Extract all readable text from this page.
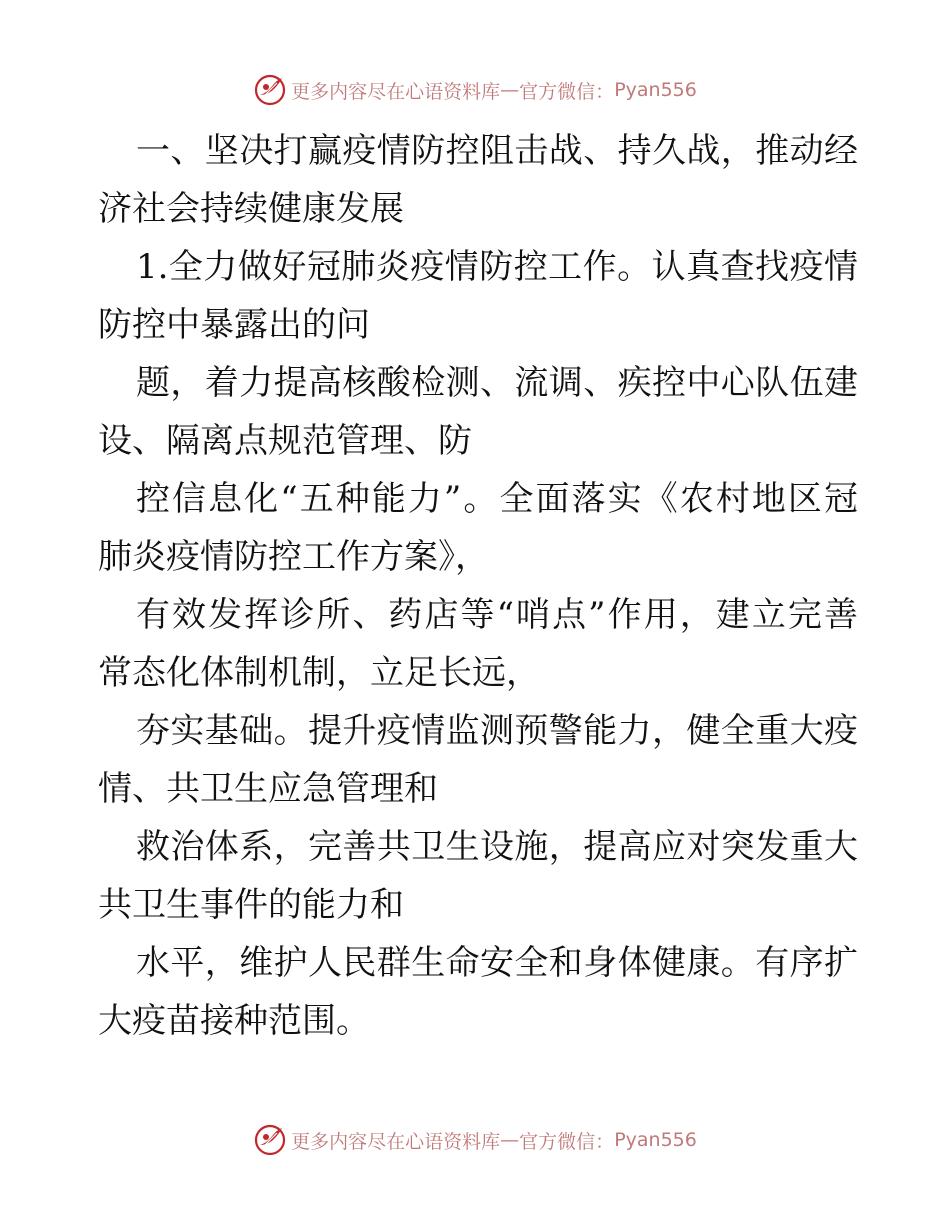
更多内容尽在心语资料库 — 官方微信： Pyan556
一、坚决打赢疫情防控阻击战、持久战，推动经
济社会持续健康发展
1.全力做好冠肺炎疫情防控工作。认真查找疫情
防控中暴露出的问
题，着力提高核酸检测、流调、疾控中心队伍建
设、隔离点规范管理、防
控信息化“五种能力”。全面落实《农村地区冠
肺炎疫情防控工作方案》，
有效发挥诊所、药店等“哨点”作用，建立完善
常态化体制机制，立足长远，
夯实基础。提升疫情监测预警能力，健全重大疫
情、共卫生应急管理和
救治体系，完善共卫生设施，提高应对突发重大
共卫生事件的能力和
水平，维护人民群生命安全和身体健康。有序扩
大疫苗接种范围。
更多内容尽在心语资料库 — 官方微信： Pyan556
